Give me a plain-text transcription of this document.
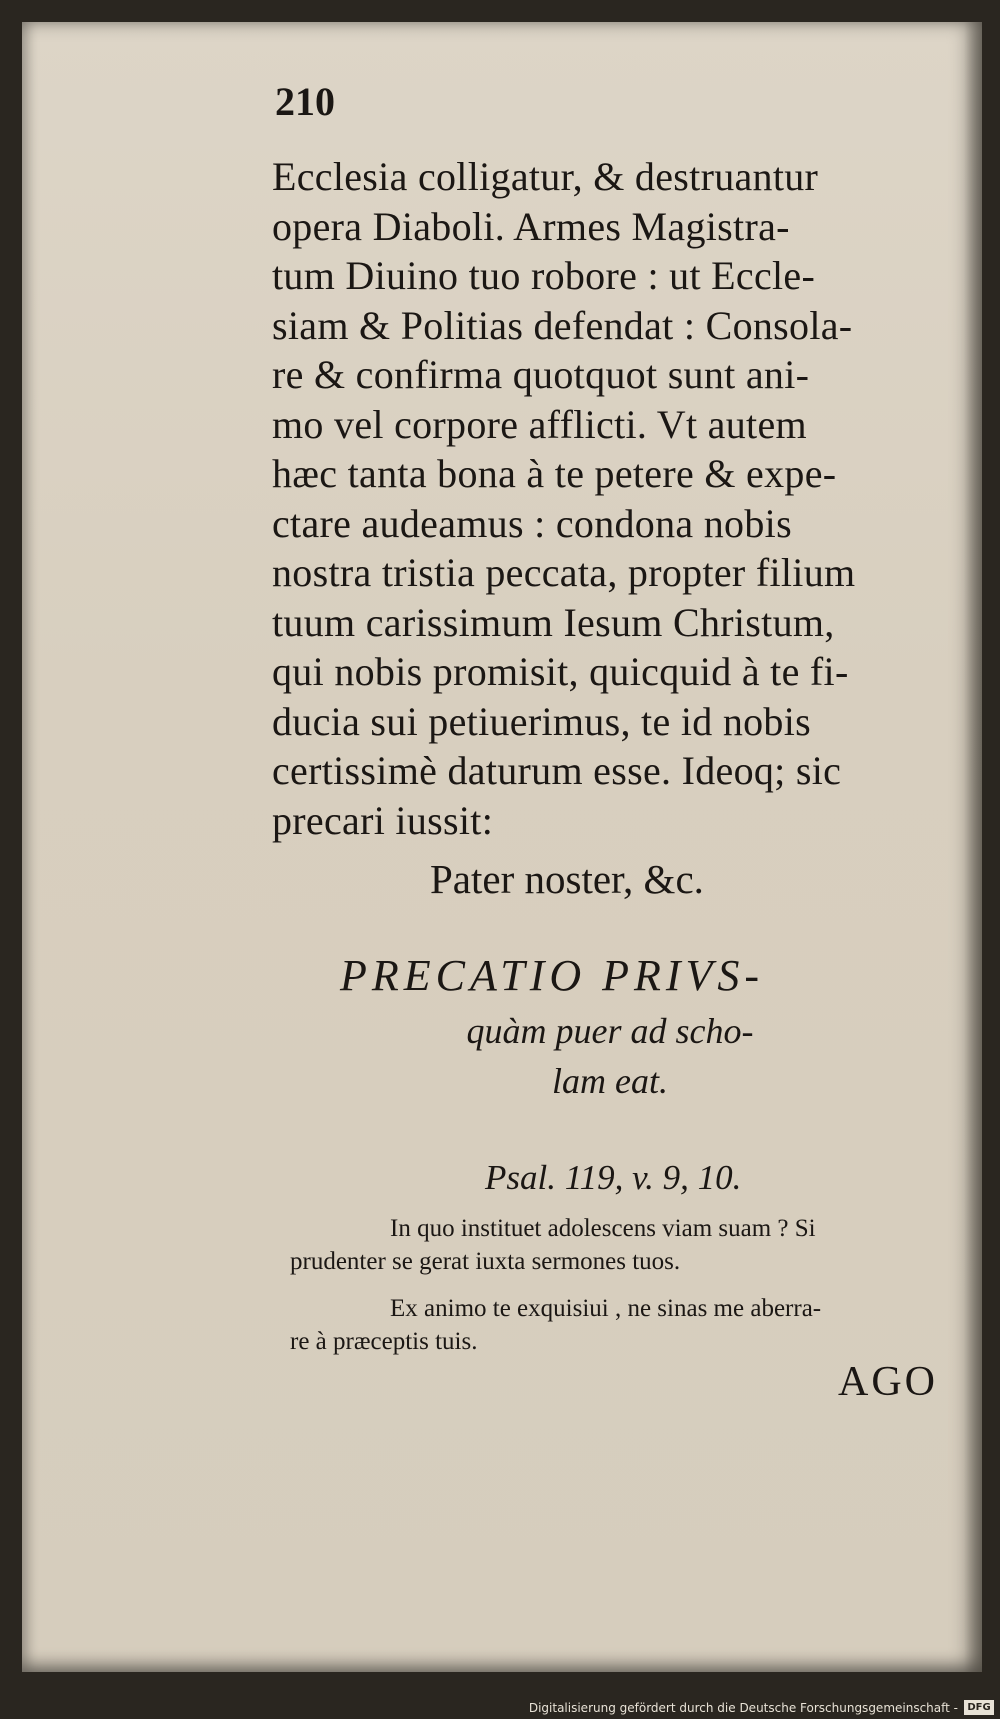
210
Ecclesia colligatur, & destruantur
opera Diaboli. Armes Magistra-
tum Diuino tuo robore : ut Eccle-
siam & Politias defendat : Consola-
re & confirma quotquot sunt ani-
mo vel corpore afflicti. Vt autem
hæc tanta bona à te petere & expe-
ctare audeamus : condona nobis
nostra tristia peccata, propter filium
tuum carissimum Iesum Christum,
qui nobis promisit, quicquid à te fi-
ducia sui petiuerimus, te id nobis
certissimè daturum esse. Ideoq; sic
precari iussit:
Pater noster, &c.
PRECATIO PRIVS-
quàm puer ad scho-
lam eat.
Psal. 119, v. 9, 10.
In quo instituet adolescens viam suam ? Si
prudenter se gerat iuxta sermones tuos.
Ex animo te exquisiui , ne sinas me aberra-
re à præceptis tuis.
AGO
Digitalisierung gefördert durch die Deutsche Forschungsgemeinschaft - DFG
